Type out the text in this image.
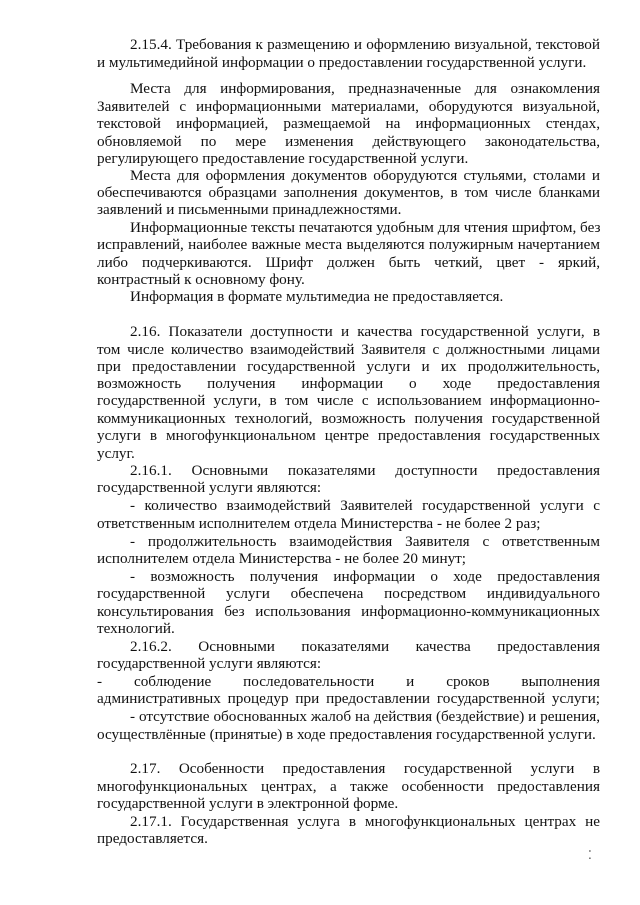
2.15.4. Требования к размещению и оформлению визуальной, текстовой
и мультимедийной информации о предоставлении государственной услуги.
Места для информирования, предназначенные для ознакомления
Заявителей с информационными материалами, оборудуются визуальной,
текстовой информацией, размещаемой на информационных стендах,
обновляемой по мере изменения действующего законодательства,
регулирующего предоставление государственной услуги.
Места для оформления документов оборудуются стульями, столами и
обеспечиваются образцами заполнения документов, в том числе бланками
заявлений и письменными принадлежностями.
Информационные тексты печатаются удобным для чтения шрифтом, без
исправлений, наиболее важные места выделяются полужирным начертанием
либо подчеркиваются. Шрифт должен быть четкий, цвет - яркий,
контрастный к основному фону.
Информация в формате мультимедиа не предоставляется.
2.16. Показатели доступности и качества государственной услуги, в
том числе количество взаимодействий Заявителя с должностными лицами
при предоставлении государственной услуги и их продолжительность,
возможность получения информации о ходе предоставления
государственной услуги, в том числе с использованием информационно-
коммуникационных технологий, возможность получения государственной
услуги в многофункциональном центре предоставления государственных
услуг.
2.16.1. Основными показателями доступности предоставления
государственной услуги являются:
- количество взаимодействий Заявителей государственной услуги с
ответственным исполнителем отдела Министерства - не более 2 раз;
- продолжительность взаимодействия Заявителя с ответственным
исполнителем отдела Министерства - не более 20 минут;
- возможность получения информации о ходе предоставления
государственной услуги обеспечена посредством индивидуального
консультирования без использования информационно-коммуникационных
технологий.
2.16.2. Основными показателями качества предоставления
государственной услуги являются:
- соблюдение последовательности и сроков выполнения
административных процедур при предоставлении государственной услуги;
- отсутствие обоснованных жалоб на действия (бездействие) и решения,
осуществлённые (принятые) в ходе предоставления государственной услуги.
2.17. Особенности предоставления государственной услуги в
многофункциональных центрах, а также особенности предоставления
государственной услуги в электронной форме.
2.17.1. Государственная услуга в многофункциональных центрах не
предоставляется.
⁚
